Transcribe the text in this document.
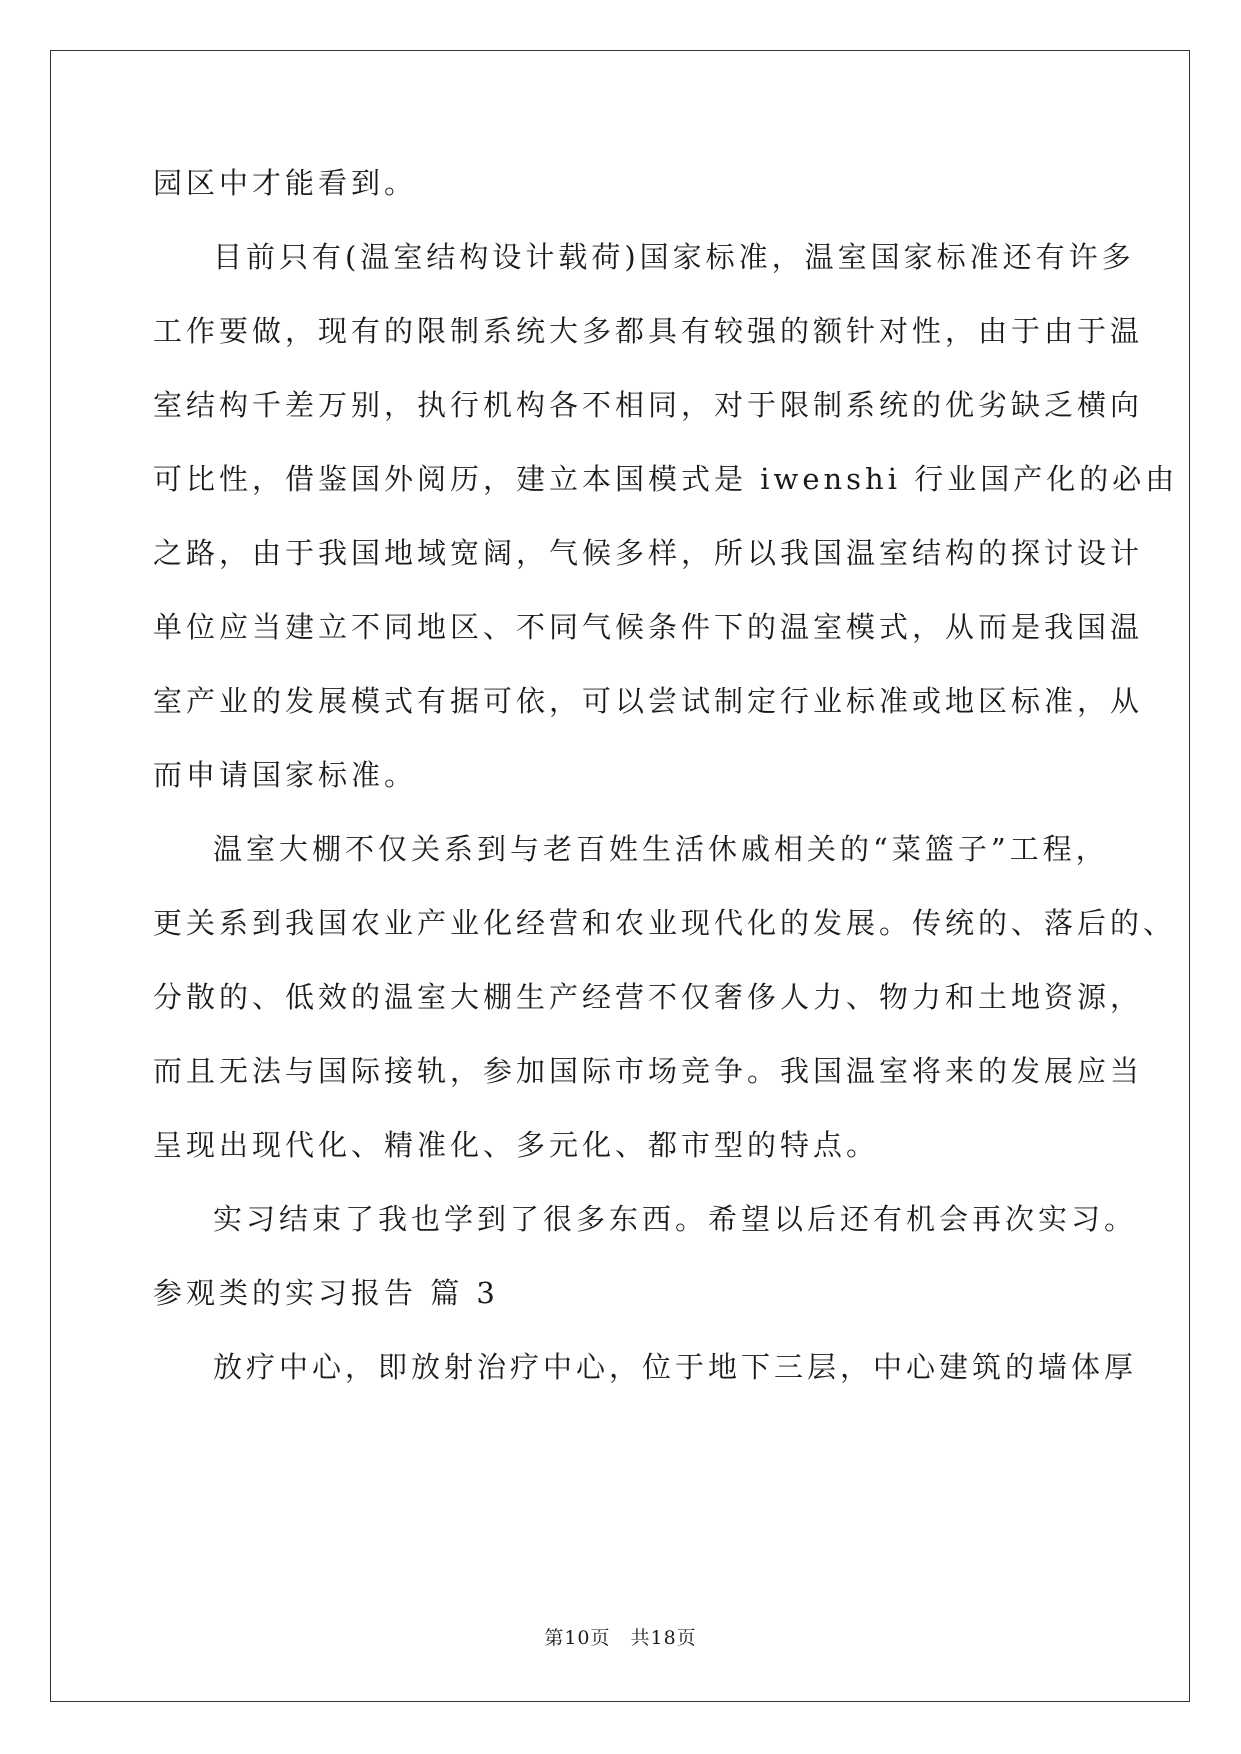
园区中才能看到。
目前只有(温室结构设计载荷)国家标准，温室国家标准还有许多
工作要做，现有的限制系统大多都具有较强的额针对性，由于由于温
室结构千差万别，执行机构各不相同，对于限制系统的优劣缺乏横向
可比性，借鉴国外阅历，建立本国模式是 iwenshi 行业国产化的必由
之路，由于我国地域宽阔，气候多样，所以我国温室结构的探讨设计
单位应当建立不同地区、不同气候条件下的温室模式，从而是我国温
室产业的发展模式有据可依，可以尝试制定行业标准或地区标准，从
而申请国家标准。
温室大棚不仅关系到与老百姓生活休戚相关的“菜篮子”工程，
更关系到我国农业产业化经营和农业现代化的发展。传统的、落后的、
分散的、低效的温室大棚生产经营不仅奢侈人力、物力和土地资源，
而且无法与国际接轨，参加国际市场竞争。我国温室将来的发展应当
呈现出现代化、精准化、多元化、都市型的特点。
实习结束了我也学到了很多东西。希望以后还有机会再次实习。
参观类的实习报告 篇 3
放疗中心，即放射治疗中心，位于地下三层，中心建筑的墙体厚
第10页　共18页
